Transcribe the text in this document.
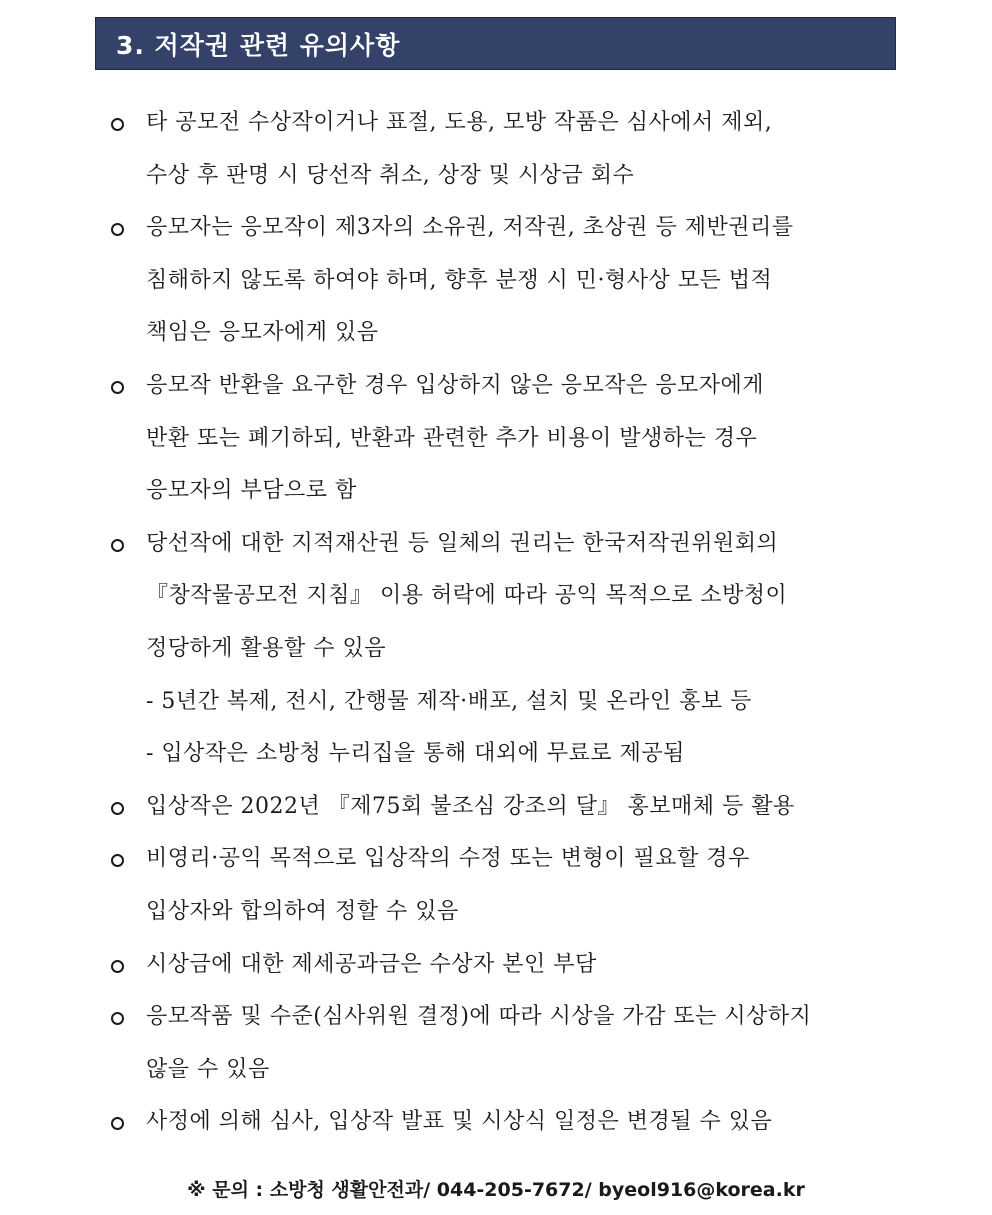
3. 저작권 관련 유의사항
타 공모전 수상작이거나 표절, 도용, 모방 작품은 심사에서 제외,
수상 후 판명 시 당선작 취소, 상장 및 시상금 회수
응모자는 응모작이 제3자의 소유권, 저작권, 초상권 등 제반권리를
침해하지 않도록 하여야 하며, 향후 분쟁 시 민·형사상 모든 법적
책임은 응모자에게 있음
응모작 반환을 요구한 경우 입상하지 않은 응모작은 응모자에게
반환 또는 폐기하되, 반환과 관련한 추가 비용이 발생하는 경우
응모자의 부담으로 함
당선작에 대한 지적재산권 등 일체의 권리는 한국저작권위원회의
『창작물공모전 지침』 이용 허락에 따라 공익 목적으로 소방청이
정당하게 활용할 수 있음
- 5년간 복제, 전시, 간행물 제작·배포, 설치 및 온라인 홍보 등
- 입상작은 소방청 누리집을 통해 대외에 무료로 제공됨
입상작은 2022년 『제75회 불조심 강조의 달』 홍보매체 등 활용
비영리·공익 목적으로 입상작의 수정 또는 변형이 필요할 경우
입상자와 합의하여 정할 수 있음
시상금에 대한 제세공과금은 수상자 본인 부담
응모작품 및 수준(심사위원 결정)에 따라 시상을 가감 또는 시상하지
않을 수 있음
사정에 의해 심사, 입상작 발표 및 시상식 일정은 변경될 수 있음
※ 문의 : 소방청 생활안전과/ 044-205-7672/ byeol916@korea.kr
